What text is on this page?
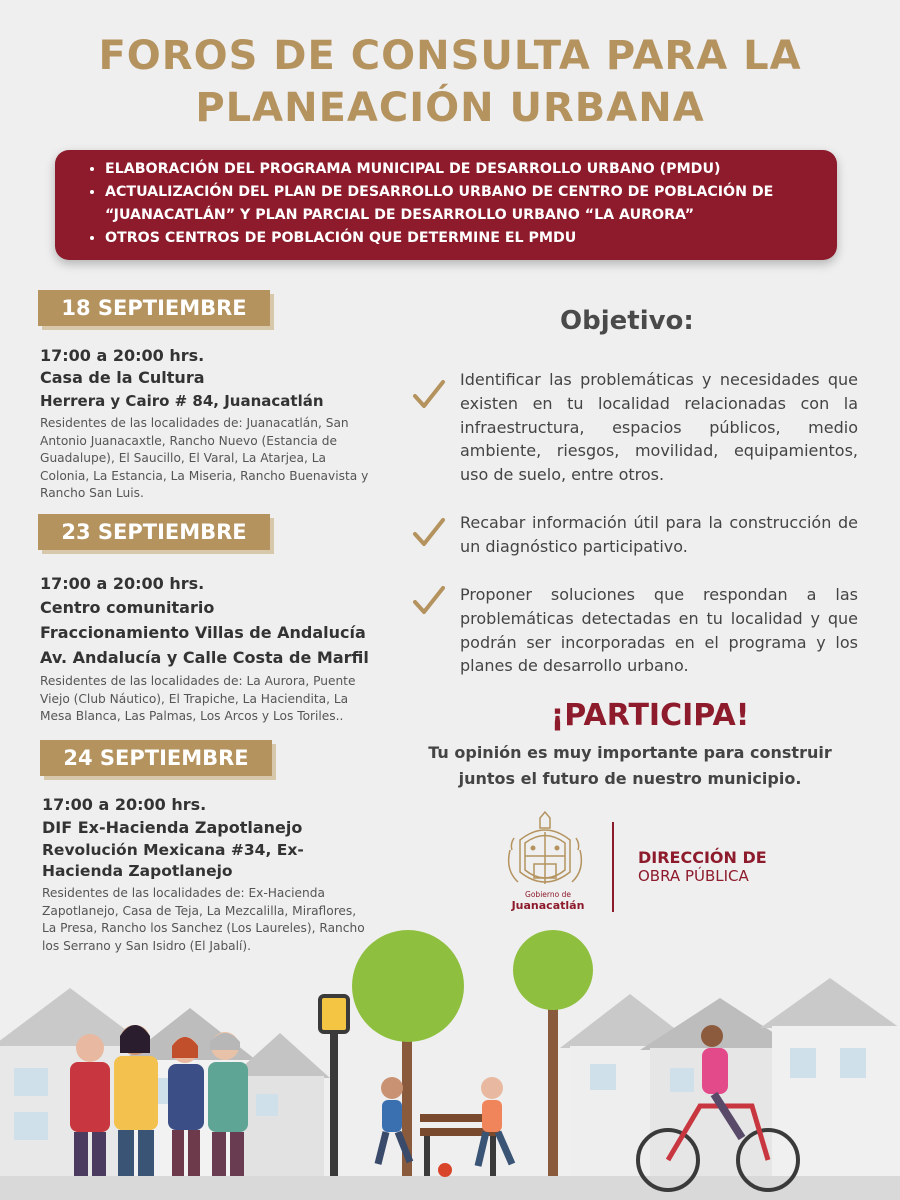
FOROS DE CONSULTA PARA LA
PLANEACIÓN URBANA
• ELABORACIÓN DEL PROGRAMA MUNICIPAL DE DESARROLLO URBANO (PMDU)
• ACTUALIZACIÓN DEL PLAN DE DESARROLLO URBANO DE CENTRO DE POBLACIÓN DE “JUANACATLÁN” Y PLAN PARCIAL DE DESARROLLO URBANO “LA AURORA”
• OTROS CENTROS DE POBLACIÓN QUE DETERMINE EL PMDU
18 SEPTIEMBRE
17:00 a 20:00 hrs.
Casa de la Cultura
Herrera y Cairo # 84, Juanacatlán
Residentes de las localidades de: Juanacatlán, San Antonio Juanacaxtle, Rancho Nuevo (Estancia de Guadalupe), El Saucillo, El Varal, La Atarjea, La Colonia, La Estancia, La Miseria, Rancho Buenavista y Rancho San Luis.
23 SEPTIEMBRE
17:00 a 20:00 hrs.
Centro comunitario
Fraccionamiento Villas de Andalucía
Av. Andalucía y Calle Costa de Marfil
Residentes de las localidades de: La Aurora, Puente Viejo (Club Náutico), El Trapiche, La Haciendita, La Mesa Blanca, Las Palmas, Los Arcos y Los Toriles..
24 SEPTIEMBRE
17:00 a 20:00 hrs.
DIF Ex-Hacienda Zapotlanejo
Revolución Mexicana #34, Ex-Hacienda Zapotlanejo
Residentes de las localidades de: Ex-Hacienda Zapotlanejo, Casa de Teja, La Mezcalilla, Miraflores, La Presa, Rancho los Sanchez (Los Laureles), Rancho los Serrano y San Isidro (El Jabalí).
Objetivo:
Identificar las problemáticas y necesidades que existen en tu localidad relacionadas con la infraestructura, espacios públicos, medio ambiente, riesgos, movilidad, equipamientos, uso de suelo, entre otros.
Recabar información útil para la construcción de un diagnóstico participativo.
Proponer soluciones que respondan a las problemáticas detectadas en tu localidad y que podrán ser incorporadas en el programa y los planes de desarrollo urbano.
¡PARTICIPA!
Tu opinión es muy importante para construir
juntos el futuro de nuestro municipio.
Gobierno de
Juanacatlán
DIRECCIÓN DE
OBRA PÚBLICA
